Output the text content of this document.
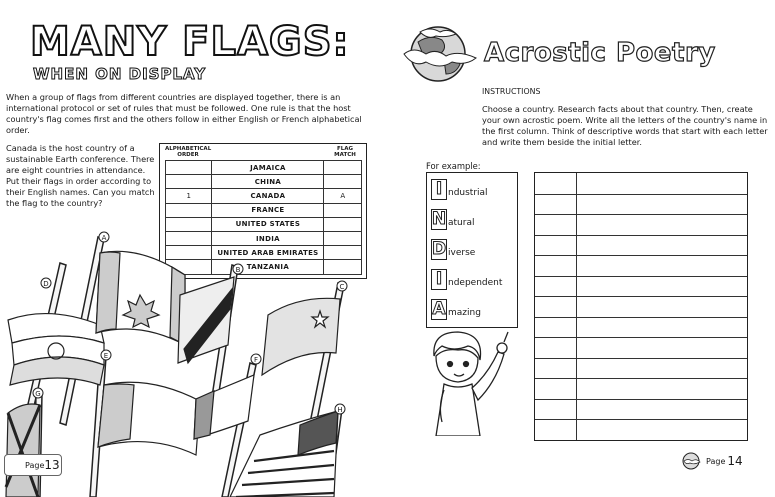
MANY FLAGS:
WHEN ON DISPLAY
When a group of flags from different countries are displayed together, there is an international protocol or set of rules that must be followed. One rule is that the host country's flag comes first and the others follow in either English or French alphabetical order.
Canada is the host country of a sustainable Earth conference. There are eight countries in attendance. Put their flags in order according to their English names. Can you match the flag to the country?
ALPHABETICAL ORDER
FLAG MATCH
	JAMAICA	
	CHINA	
1	CANADA	A
	FRANCE	
	UNITED STATES	
	INDIA	
	UNITED ARAB EMIRATES	
	TANZANIA	
A
B
C
D
E	F
G
H
Page 13
Acrostic Poetry
INSTRUCTIONS
Choose a country. Research facts about that country. Then, create your own acrostic poem. Write all the letters of the country's name in the first column. Think of descriptive words that start with each letter and write them beside the initial letter.
For example:
I ndustrial
N atural
D iverse
I ndependent
A mazing
Page 14
